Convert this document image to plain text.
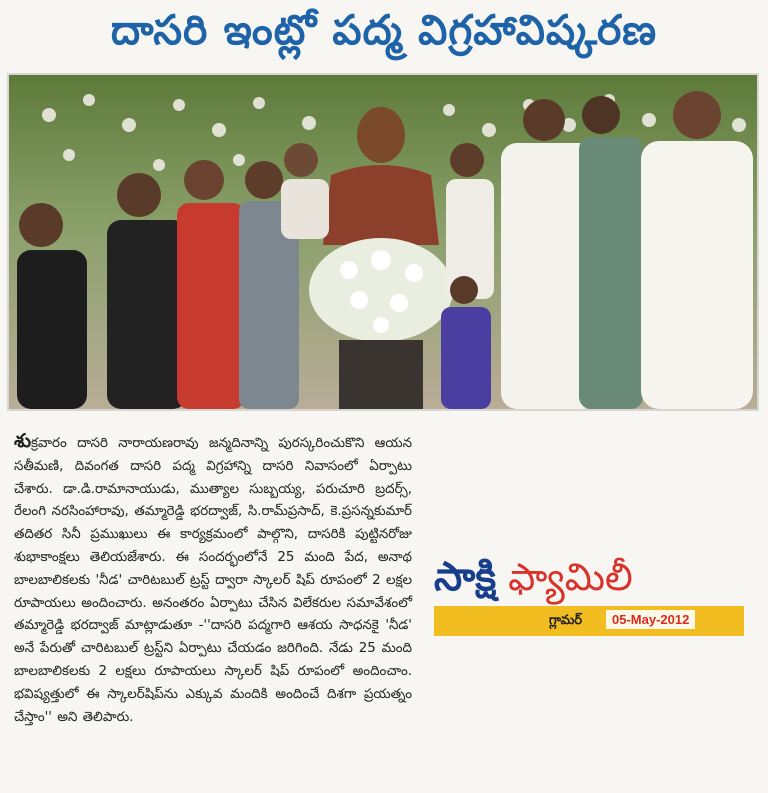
దాసరి ఇంట్లో పద్మ విగ్రహావిష్కరణ

శుక్రవారం దాసరి నారాయణరావు జన్మదినాన్ని పురస్కరించుకొని ఆయన సతీమణి, దివంగత దాసరి పద్మ విగ్రహాన్ని దాసరి నివాసంలో ఏర్పాటు చేశారు. డా.డి.రామానాయుడు, ముత్యాల సుబ్బయ్య, పరుచూరి బ్రదర్స్, రేలంగి నరసింహారావు, తమ్మారెడ్డి భరద్వాజ్, సి.రామ్‌ప్రసాద్, కె.ప్రసన్నకుమార్ తదితర సినీ ప్రముఖులు ఈ కార్యక్రమంలో పాల్గొని, దాసరికి పుట్టినరోజు శుభాకాంక్షలు తెలియజేశారు. ఈ సందర్భంలోనే 25 మంది పేద, అనాథ బాలబాలికలకు 'నీడ' చారిటబుల్ ట్రస్ట్ ద్వారా స్కాలర్ షిప్ రూపంలో 2 లక్షల రూపాయలు అందించారు. అనంతరం ఏర్పాటు చేసిన విలేకరుల సమావేశంలో తమ్మారెడ్డి భరద్వాజ్ మాట్లాడుతూ -''దాసరి పద్మగారి ఆశయ సాధనకై 'నీడ' అనే పేరుతో చారిటబుల్ ట్రస్ట్‌ని ఏర్పాటు చేయడం జరిగింది. నేడు 25 మంది బాలబాలికలకు 2 లక్షలు రూపాయలు స్కాలర్ షిప్ రూపంలో అందించాం. భవిష్యత్తులో ఈ స్కాలర్‌షిప్‌ను ఎక్కువ మందికి అందించే దిశగా ప్రయత్నం చేస్తాం'' అని తెలిపారు.

సాక్షి ఫ్యామిలీ
గ్లామర్	05-May-2012
